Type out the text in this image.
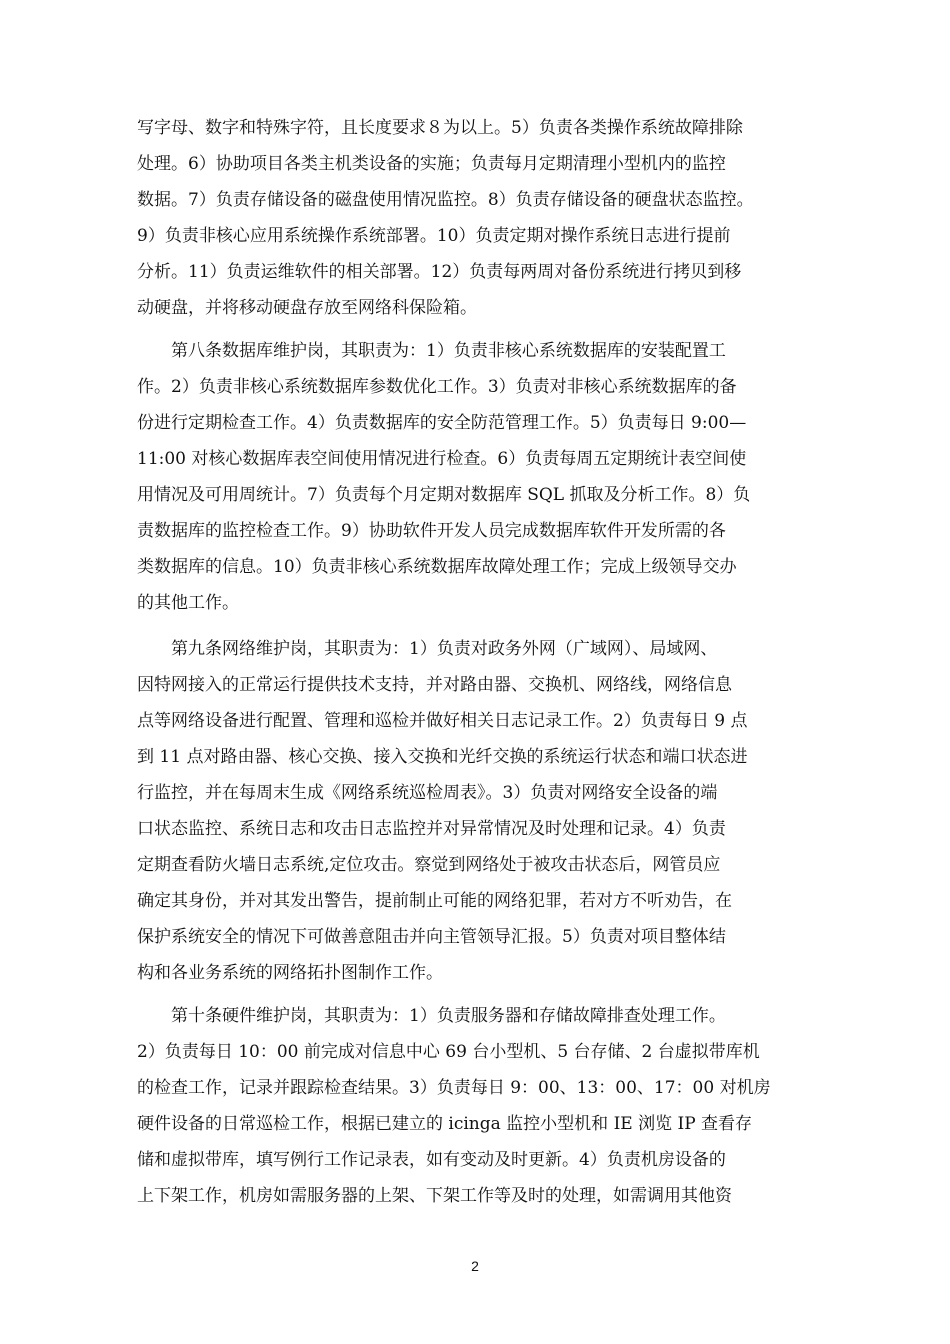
写字母、数字和特殊字符，且长度要求８为以上。5）负责各类操作系统故障排除
处理。6）协助项目各类主机类设备的实施；负责每月定期清理小型机内的监控
数据。7）负责存储设备的磁盘使用情况监控。8）负责存储设备的硬盘状态监控。
9）负责非核心应用系统操作系统部署。10）负责定期对操作系统日志进行提前
分析。11）负责运维软件的相关部署。12）负责每两周对备份系统进行拷贝到移
动硬盘，并将移动硬盘存放至网络科保险箱。
　　第八条数据库维护岗，其职责为：1）负责非核心系统数据库的安装配置工
作。2）负责非核心系统数据库参数优化工作。3）负责对非核心系统数据库的备
份进行定期检查工作。4）负责数据库的安全防范管理工作。5）负责每日 9:00—
11:00 对核心数据库表空间使用情况进行检查。6）负责每周五定期统计表空间使
用情况及可用周统计。7）负责每个月定期对数据库 SQL 抓取及分析工作。8）负
责数据库的监控检查工作。9）协助软件开发人员完成数据库软件开发所需的各
类数据库的信息。10）负责非核心系统数据库故障处理工作；完成上级领导交办
的其他工作。
　　第九条网络维护岗，其职责为：1）负责对政务外网（广域网）、局域网、
因特网接入的正常运行提供技术支持，并对路由器、交换机、网络线，网络信息
点等网络设备进行配置、管理和巡检并做好相关日志记录工作。2）负责每日 9 点
到 11 点对路由器、核心交换、接入交换和光纤交换的系统运行状态和端口状态进
行监控，并在每周末生成《网络系统巡检周表》。3）负责对网络安全设备的端
口状态监控、系统日志和攻击日志监控并对异常情况及时处理和记录。4）负责
定期查看防火墙日志系统,定位攻击。察觉到网络处于被攻击状态后，网管员应
确定其身份，并对其发出警告，提前制止可能的网络犯罪，若对方不听劝告，在
保护系统安全的情况下可做善意阻击并向主管领导汇报。5）负责对项目整体结
构和各业务系统的网络拓扑图制作工作。
　　第十条硬件维护岗，其职责为：1）负责服务器和存储故障排查处理工作。
2）负责每日 10：00 前完成对信息中心 69 台小型机、5 台存储、2 台虚拟带库机
的检查工作，记录并跟踪检查结果。3）负责每日 9：00、13：00、17：00 对机房
硬件设备的日常巡检工作，根据已建立的 icinga 监控小型机和 IE 浏览 IP 查看存
储和虚拟带库，填写例行工作记录表，如有变动及时更新。4）负责机房设备的
上下架工作，机房如需服务器的上架、下架工作等及时的处理，如需调用其他资
2
